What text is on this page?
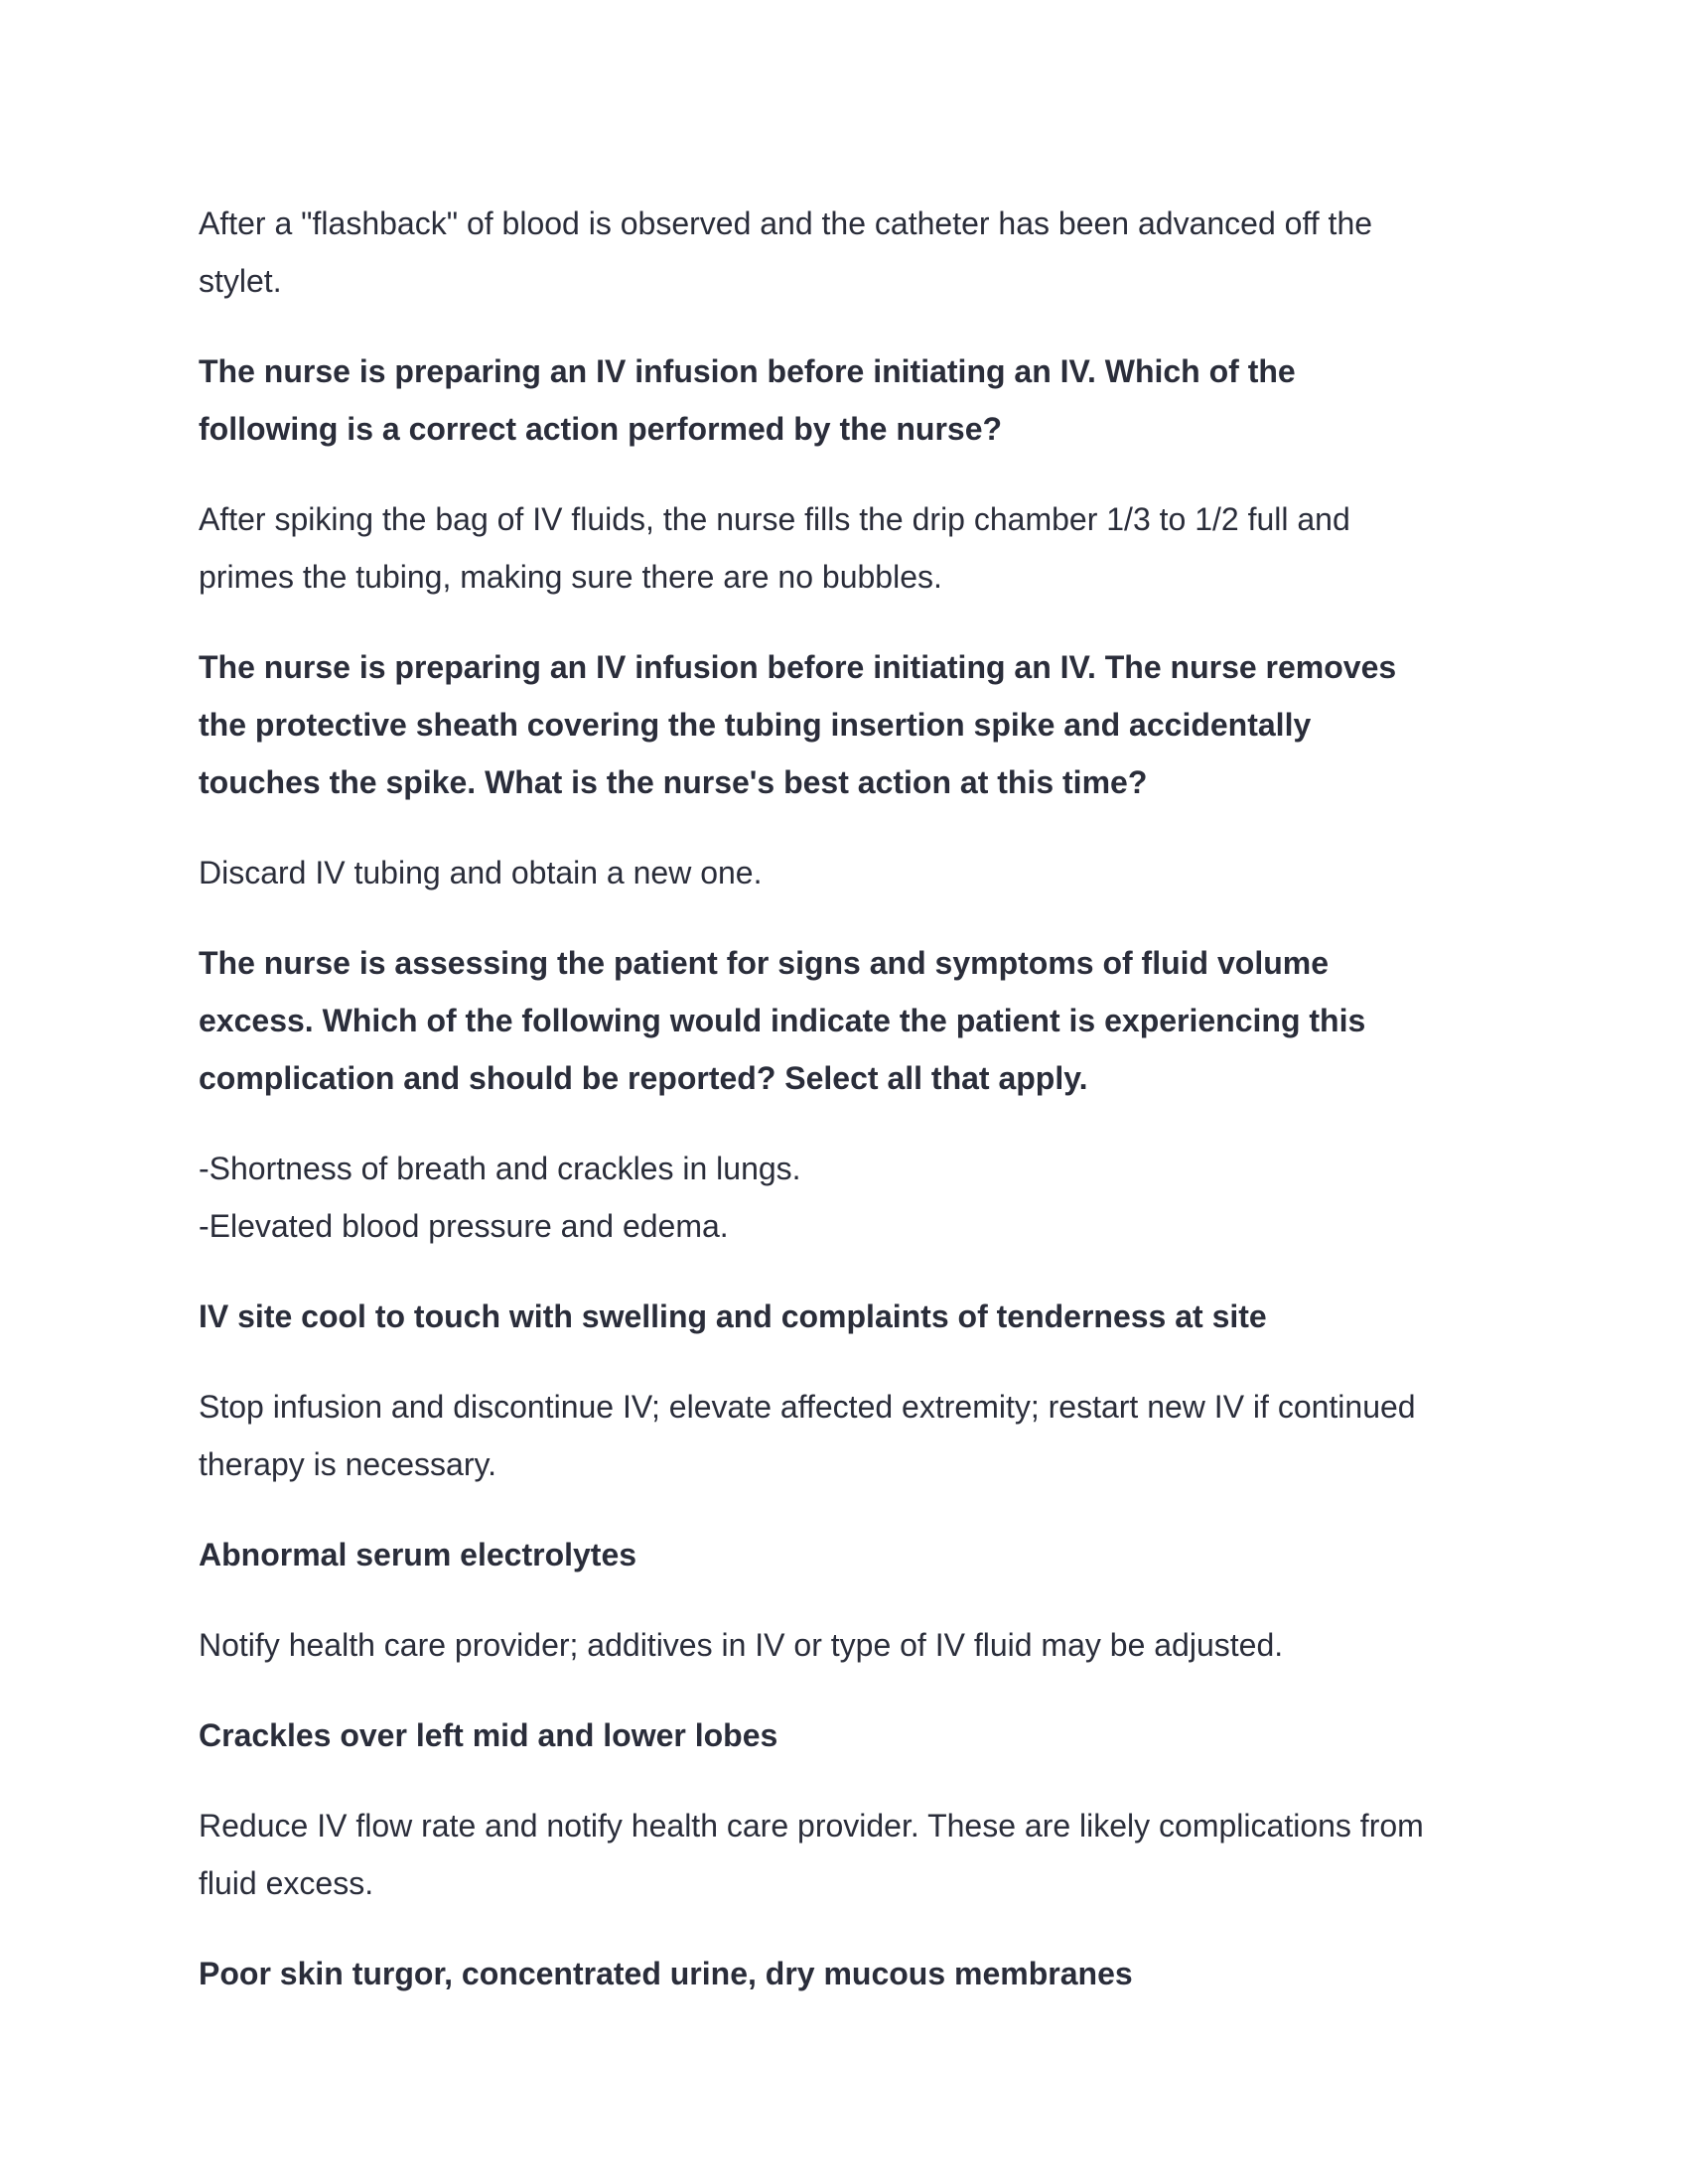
After a "flashback" of blood is observed and the catheter has been advanced off the
stylet.
The nurse is preparing an IV infusion before initiating an IV. Which of the
following is a correct action performed by the nurse?
After spiking the bag of IV fluids, the nurse fills the drip chamber 1/3 to 1/2 full and
primes the tubing, making sure there are no bubbles.
The nurse is preparing an IV infusion before initiating an IV. The nurse removes
the protective sheath covering the tubing insertion spike and accidentally
touches the spike. What is the nurse's best action at this time?
Discard IV tubing and obtain a new one.
The nurse is assessing the patient for signs and symptoms of fluid volume
excess. Which of the following would indicate the patient is experiencing this
complication and should be reported? Select all that apply.
-Shortness of breath and crackles in lungs.
-Elevated blood pressure and edema.
IV site cool to touch with swelling and complaints of tenderness at site
Stop infusion and discontinue IV; elevate affected extremity; restart new IV if continued
therapy is necessary.
Abnormal serum electrolytes
Notify health care provider; additives in IV or type of IV fluid may be adjusted.
Crackles over left mid and lower lobes
Reduce IV flow rate and notify health care provider. These are likely complications from
fluid excess.
Poor skin turgor, concentrated urine, dry mucous membranes
